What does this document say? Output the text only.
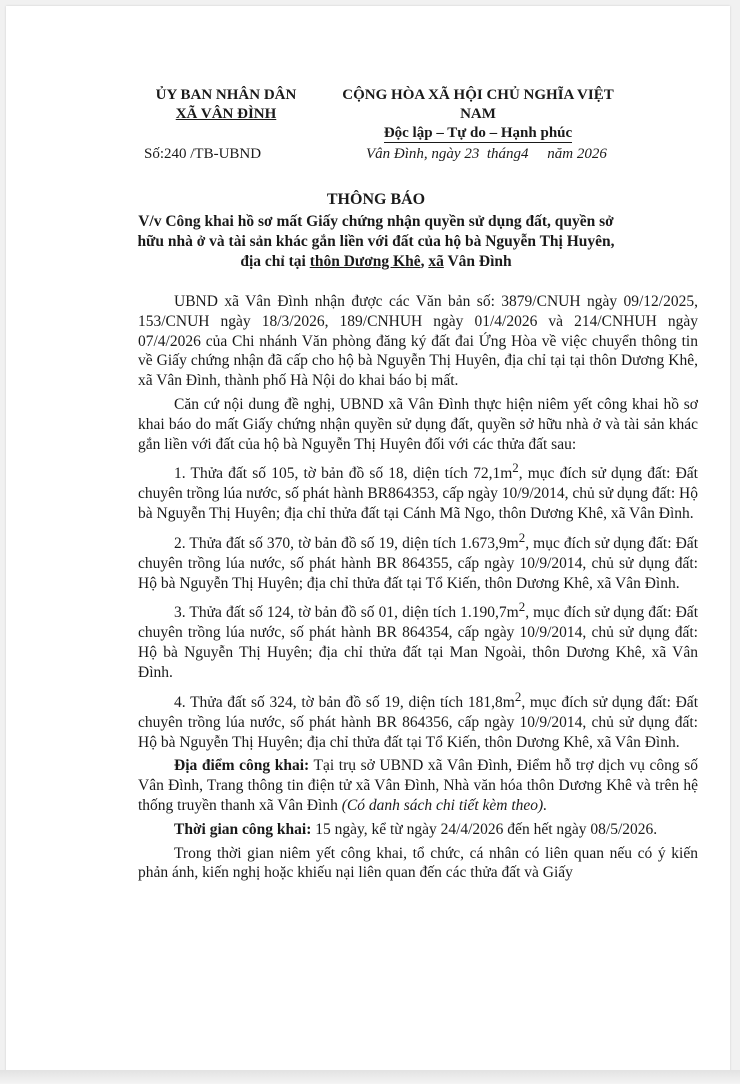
ỦY BAN NHÂN DÂN
XÃ VÂN ĐÌNH
CỘNG HÒA XÃ HỘI CHỦ NGHĨA VIỆT NAM
Độc lập – Tự do – Hạnh phúc
Số:240 /TB-UBND	Vân Đình, ngày 23  tháng4     năm 2026
THÔNG BÁO
V/v Công khai hồ sơ mất Giấy chứng nhận quyền sử dụng đất, quyền sở hữu nhà ở và tài sản khác gắn liền với đất của hộ bà Nguyễn Thị Huyên, địa chỉ tại thôn Dương Khê, xã Vân Đình

UBND xã Vân Đình nhận được các Văn bản số: 3879/CNUH ngày 09/12/2025, 153/CNUH ngày 18/3/2026, 189/CNHUH ngày 01/4/2026 và 214/CNHUH ngày 07/4/2026 của Chi nhánh Văn phòng đăng ký đất đai Ứng Hòa về việc chuyển thông tin về Giấy chứng nhận đã cấp cho hộ bà Nguyễn Thị Huyên, địa chỉ tại tại thôn Dương Khê, xã Vân Đình, thành phố Hà Nội do khai báo bị mất.

Căn cứ nội dung đề nghị, UBND xã Vân Đình thực hiện niêm yết công khai hồ sơ khai báo do mất Giấy chứng nhận quyền sử dụng đất, quyền sở hữu nhà ở và tài sản khác gắn liền với đất của hộ bà Nguyễn Thị Huyên đối với các thửa đất sau:

1. Thửa đất số 105, tờ bản đồ số 18, diện tích $72,1m^2$, mục đích sử dụng đất: Đất chuyên trồng lúa nước, số phát hành BR864353, cấp ngày 10/9/2014, chủ sử dụng đất: Hộ bà Nguyễn Thị Huyên; địa chỉ thửa đất tại Cánh Mã Ngo, thôn Dương Khê, xã Vân Đình.

2. Thửa đất số 370, tờ bản đồ số 19, diện tích $1.673,9m^2$, mục đích sử dụng đất: Đất chuyên trồng lúa nước, số phát hành BR 864355, cấp ngày 10/9/2014, chủ sử dụng đất: Hộ bà Nguyễn Thị Huyên; địa chỉ thửa đất tại Tổ Kiến, thôn Dương Khê, xã Vân Đình.

3. Thửa đất số 124, tờ bản đồ số 01, diện tích $1.190,7m^2$, mục đích sử dụng đất: Đất chuyên trồng lúa nước, số phát hành BR 864354, cấp ngày 10/9/2014, chủ sử dụng đất: Hộ bà Nguyễn Thị Huyên; địa chỉ thửa đất tại Man Ngoài, thôn Dương Khê, xã Vân Đình.

4. Thửa đất số 324, tờ bản đồ số 19, diện tích $181,8m^2$, mục đích sử dụng đất: Đất chuyên trồng lúa nước, số phát hành BR 864356, cấp ngày 10/9/2014, chủ sử dụng đất: Hộ bà Nguyễn Thị Huyên; địa chỉ thửa đất tại Tổ Kiến, thôn Dương Khê, xã Vân Đình.

Địa điểm công khai: Tại trụ sở UBND xã Vân Đình, Điểm hỗ trợ dịch vụ công số Vân Đình, Trang thông tin điện tử xã Vân Đình, Nhà văn hóa thôn Dương Khê và trên hệ thống truyền thanh xã Vân Đình (Có danh sách chi tiết kèm theo).

Thời gian công khai: 15 ngày, kể từ ngày 24/4/2026 đến hết ngày 08/5/2026.

Trong thời gian niêm yết công khai, tổ chức, cá nhân có liên quan nếu có ý kiến phản ánh, kiến nghị hoặc khiếu nại liên quan đến các thửa đất và Giấy
